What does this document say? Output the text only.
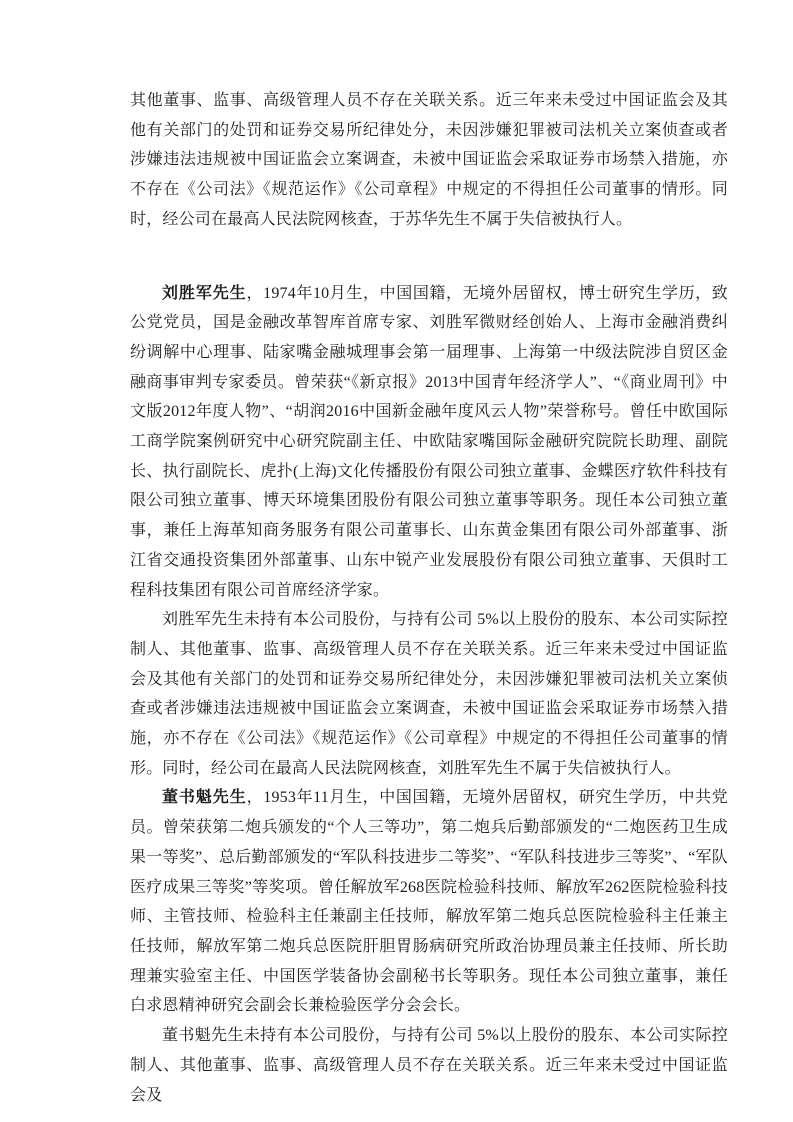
其他董事、监事、高级管理人员不存在关联关系。近三年来未受过中国证监会及其他有关部门的处罚和证券交易所纪律处分，未因涉嫌犯罪被司法机关立案侦查或者涉嫌违法违规被中国证监会立案调查，未被中国证监会采取证券市场禁入措施，亦不存在《公司法》《规范运作》《公司章程》中规定的不得担任公司董事的情形。同时，经公司在最高人民法院网核查，于苏华先生不属于失信被执行人。

刘胜军先生，1974年10月生，中国国籍，无境外居留权，博士研究生学历，致公党党员，国是金融改革智库首席专家、刘胜军微财经创始人、上海市金融消费纠纷调解中心理事、陆家嘴金融城理事会第一届理事、上海第一中级法院涉自贸区金融商事审判专家委员。曾荣获“《新京报》2013中国青年经济学人”、“《商业周刊》中文版2012年度人物”、“胡润2016中国新金融年度风云人物”荣誉称号。曾任中欧国际工商学院案例研究中心研究院副主任、中欧陆家嘴国际金融研究院院长助理、副院长、执行副院长、虎扑(上海)文化传播股份有限公司独立董事、金蝶医疗软件科技有限公司独立董事、博天环境集团股份有限公司独立董事等职务。现任本公司独立董事，兼任上海革知商务服务有限公司董事长、山东黄金集团有限公司外部董事、浙江省交通投资集团外部董事、山东中锐产业发展股份有限公司独立董事、天俱时工程科技集团有限公司首席经济学家。

刘胜军先生未持有本公司股份，与持有公司 5%以上股份的股东、本公司实际控制人、其他董事、监事、高级管理人员不存在关联关系。近三年来未受过中国证监会及其他有关部门的处罚和证券交易所纪律处分，未因涉嫌犯罪被司法机关立案侦查或者涉嫌违法违规被中国证监会立案调查，未被中国证监会采取证券市场禁入措施，亦不存在《公司法》《规范运作》《公司章程》中规定的不得担任公司董事的情形。同时，经公司在最高人民法院网核查，刘胜军先生不属于失信被执行人。

董书魁先生，1953年11月生，中国国籍，无境外居留权，研究生学历，中共党员。曾荣获第二炮兵颁发的“个人三等功”，第二炮兵后勤部颁发的“二炮医药卫生成果一等奖”、总后勤部颁发的“军队科技进步二等奖”、“军队科技进步三等奖”、“军队医疗成果三等奖”等奖项。曾任解放军268医院检验科技师、解放军262医院检验科技师、主管技师、检验科主任兼副主任技师，解放军第二炮兵总医院检验科主任兼主任技师，解放军第二炮兵总医院肝胆胃肠病研究所政治协理员兼主任技师、所长助理兼实验室主任、中国医学装备协会副秘书长等职务。现任本公司独立董事，兼任白求恩精神研究会副会长兼检验医学分会会长。

董书魁先生未持有本公司股份，与持有公司 5%以上股份的股东、本公司实际控制人、其他董事、监事、高级管理人员不存在关联关系。近三年来未受过中国证监会及
